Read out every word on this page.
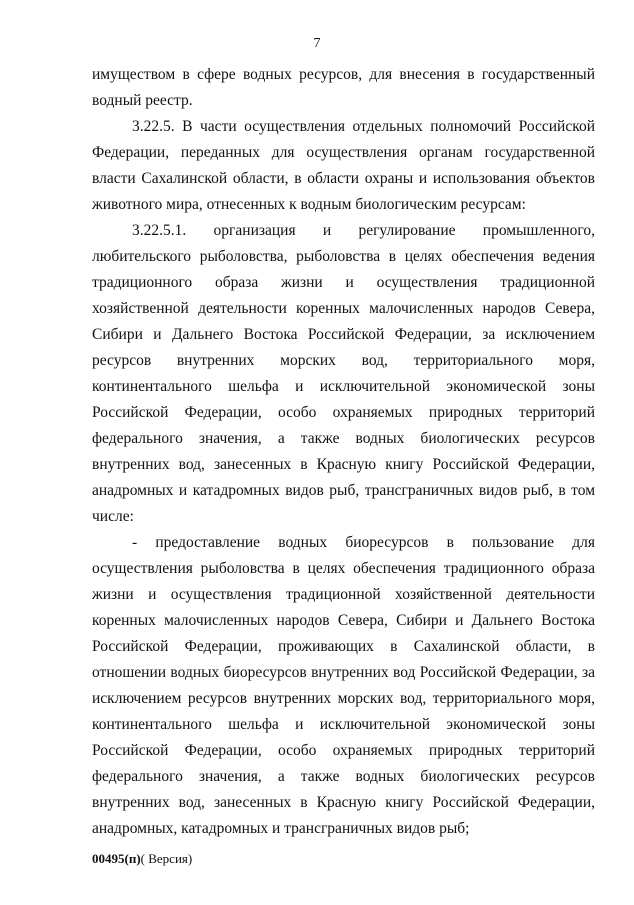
7

имуществом в сфере водных ресурсов, для внесения в государственный водный реестр.

3.22.5. В части осуществления отдельных полномочий Российской Федерации, переданных для осуществления органам государственной власти Сахалинской области, в области охраны и использования объектов животного мира, отнесенных к водным биологическим ресурсам:

3.22.5.1. организация и регулирование промышленного, любительского рыболовства, рыболовства в целях обеспечения ведения традиционного образа жизни и осуществления традиционной хозяйственной деятельности коренных малочисленных народов Севера, Сибири и Дальнего Востока Российской Федерации, за исключением ресурсов внутренних морских вод, территориального моря, континентального шельфа и исключительной экономической зоны Российской Федерации, особо охраняемых природных территорий федерального значения, а также водных биологических ресурсов внутренних вод, занесенных в Красную книгу Российской Федерации, анадромных и катадромных видов рыб, трансграничных видов рыб, в том числе:

- предоставление водных биоресурсов в пользование для осуществления рыболовства в целях обеспечения традиционного образа жизни и осуществления традиционной хозяйственной деятельности коренных малочисленных народов Севера, Сибири и Дальнего Востока Российской Федерации, проживающих в Сахалинской области, в отношении водных биоресурсов внутренних вод Российской Федерации, за исключением ресурсов внутренних морских вод, территориального моря, континентального шельфа и исключительной экономической зоны Российской Федерации, особо охраняемых природных территорий федерального значения, а также водных биологических ресурсов внутренних вод, занесенных в Красную книгу Российской Федерации, анадромных, катадромных и трансграничных видов рыб;

00495(п)( Версия)
